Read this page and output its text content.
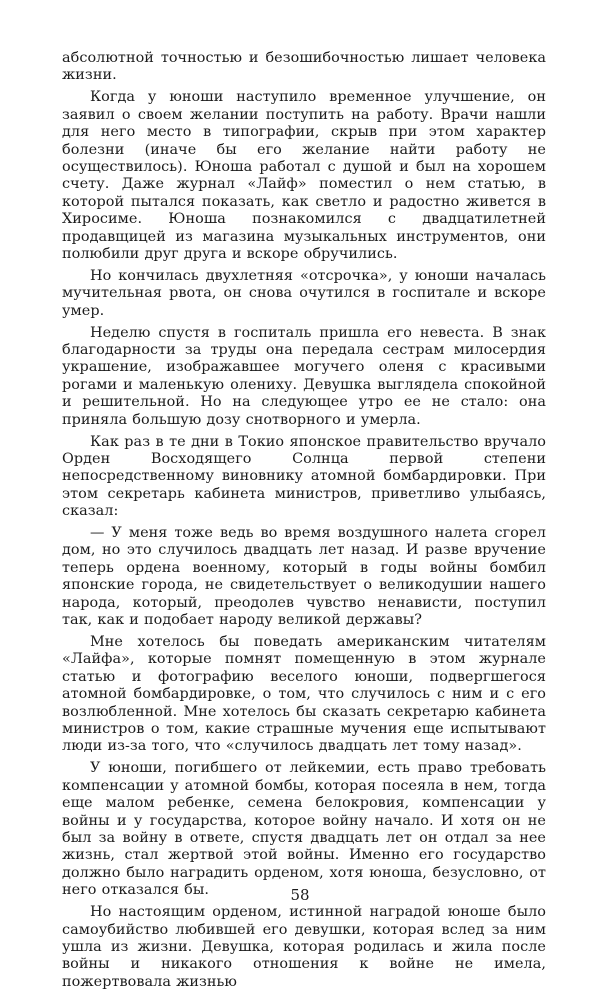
абсолютной точностью и безошибочностью лишает человека жизни.

Когда у юноши наступило временное улучшение, он заявил о своем желании поступить на работу. Врачи нашли для него место в типографии, скрыв при этом характер болезни (иначе бы его желание найти работу не осуществилось). Юноша работал с душой и был на хорошем счету. Даже журнал «Лайф» поместил о нем статью, в которой пытался показать, как светло и радостно живется в Хиросиме. Юноша познакомился с двадцатилетней продавщицей из магазина музыкальных инструментов, они полюбили друг друга и вскоре обручились.

Но кончилась двухлетняя «отсрочка», у юноши началась мучительная рвота, он снова очутился в госпитале и вскоре умер.

Неделю спустя в госпиталь пришла его невеста. В знак благодарности за труды она передала сестрам милосердия украшение, изображавшее могучего оленя с красивыми рогами и маленькую олениху. Девушка выглядела спокойной и решительной. Но на следующее утро ее не стало: она приняла большую дозу снотворного и умерла.

Как раз в те дни в Токио японское правительство вручало Орден Восходящего Солнца первой степени непосредственному виновнику атомной бомбардировки. При этом секретарь кабинета министров, приветливо улыбаясь, сказал:

— У меня тоже ведь во время воздушного налета сгорел дом, но это случилось двадцать лет назад. И разве вручение теперь ордена военному, который в годы войны бомбил японские города, не свидетельствует о великодушии нашего народа, который, преодолев чувство ненависти, поступил так, как и подобает народу великой державы?

Мне хотелось бы поведать американским читателям «Лайфа», которые помнят помещенную в этом журнале статью и фотографию веселого юноши, подвергшегося атомной бомбардировке, о том, что случилось с ним и с его возлюбленной. Мне хотелось бы сказать секретарю кабинета министров о том, какие страшные мучения еще испытывают люди из-за того, что «случилось двадцать лет тому назад».

У юноши, погибшего от лейкемии, есть право требовать компенсации у атомной бомбы, которая посеяла в нем, тогда еще малом ребенке, семена белокровия, компенсации у войны и у государства, которое войну начало. И хотя он не был за войну в ответе, спустя двадцать лет он отдал за нее жизнь, стал жертвой этой войны. Именно его государство должно было наградить орденом, хотя юноша, безусловно, от него отказался бы.

Но настоящим орденом, истинной наградой юноше было самоубийство любившей его девушки, которая вслед за ним ушла из жизни. Девушка, которая родилась и жила после войны и никакого отношения к войне не имела, пожертвовала жизнью

58
